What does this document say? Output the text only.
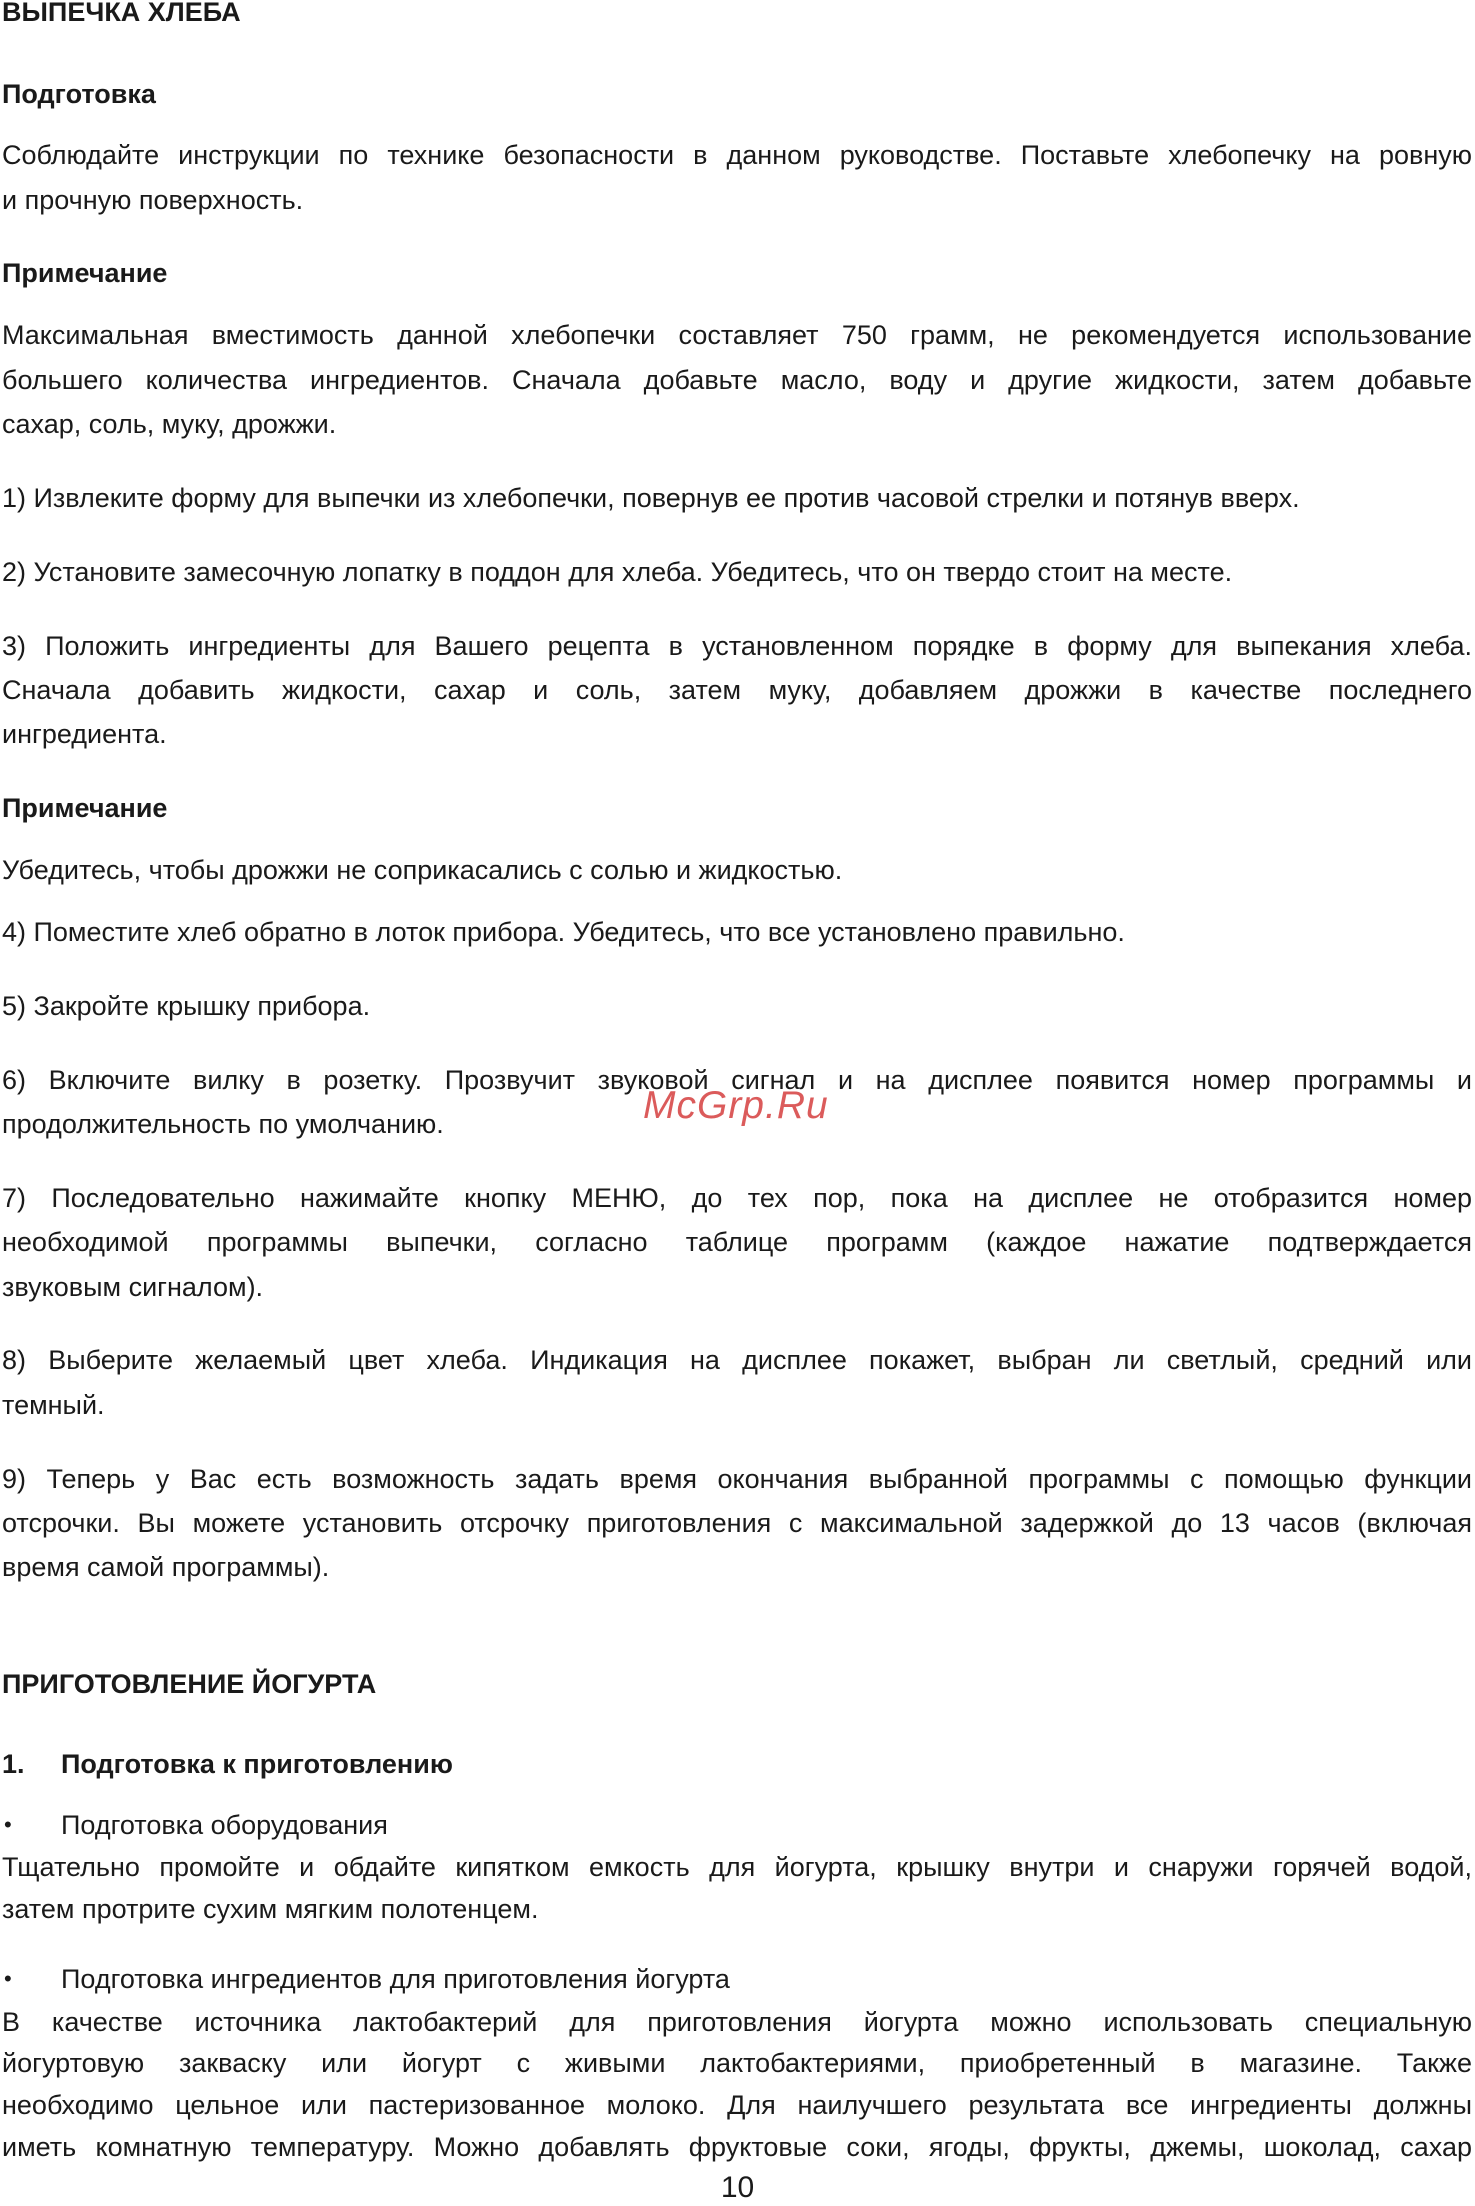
ВЫПЕЧКА ХЛЕБА
Подготовка
Соблюдайте инструкции по технике безопасности в данном руководстве. Поставьте хлебопечку на ровную
и прочную поверхность.
Примечание
Максимальная вместимость данной хлебопечки составляет 750 грамм, не рекомендуется использование
большего количества ингредиентов. Сначала добавьте масло, воду и другие жидкости, затем добавьте
сахар, соль, муку, дрожжи.
1) Извлеките форму для выпечки из хлебопечки, повернув ее против часовой стрелки и потянув вверх.
2) Установите замесочную лопатку в поддон для хлеба. Убедитесь, что он твердо стоит на месте.
3) Положить ингредиенты для Вашего рецепта в установленном порядке в форму для выпекания хлеба.
Сначала добавить жидкости, сахар и соль, затем муку, добавляем дрожжи в качестве последнего
ингредиента.
Примечание
Убедитесь, чтобы дрожжи не соприкасались с солью и жидкостью.
4) Поместите хлеб обратно в лоток прибора. Убедитесь, что все установлено правильно.
5) Закройте крышку прибора.
6) Включите вилку в розетку. Прозвучит звуковой сигнал и на дисплее появится номер программы и
продолжительность по умолчанию.
7) Последовательно нажимайте кнопку МЕНЮ, до тех пор, пока на дисплее не отобразится номер
необходимой программы выпечки, согласно таблице программ (каждое нажатие подтверждается
звуковым сигналом).
8) Выберите желаемый цвет хлеба. Индикация на дисплее покажет, выбран ли светлый, средний или
темный.
9) Теперь у Вас есть возможность задать время окончания выбранной программы с помощью функции
отсрочки. Вы можете установить отсрочку приготовления с максимальной задержкой до 13 часов (включая
время самой программы).
ПРИГОТОВЛЕНИЕ ЙОГУРТА
1. Подготовка к приготовлению
• Подготовка оборудования
Тщательно промойте и обдайте кипятком емкость для йогурта, крышку внутри и снаружи горячей водой,
затем протрите сухим мягким полотенцем.
• Подготовка ингредиентов для приготовления йогурта
В качестве источника лактобактерий для приготовления йогурта можно использовать специальную
йогуртовую закваску или йогурт с живыми лактобактериями, приобретенный в магазине. Также
необходимо цельное или пастеризованное молоко. Для наилучшего результата все ингредиенты должны
иметь комнатную температуру. Можно добавлять фруктовые соки, ягоды, фрукты, джемы, шоколад, сахар
McGrp.Ru
10
